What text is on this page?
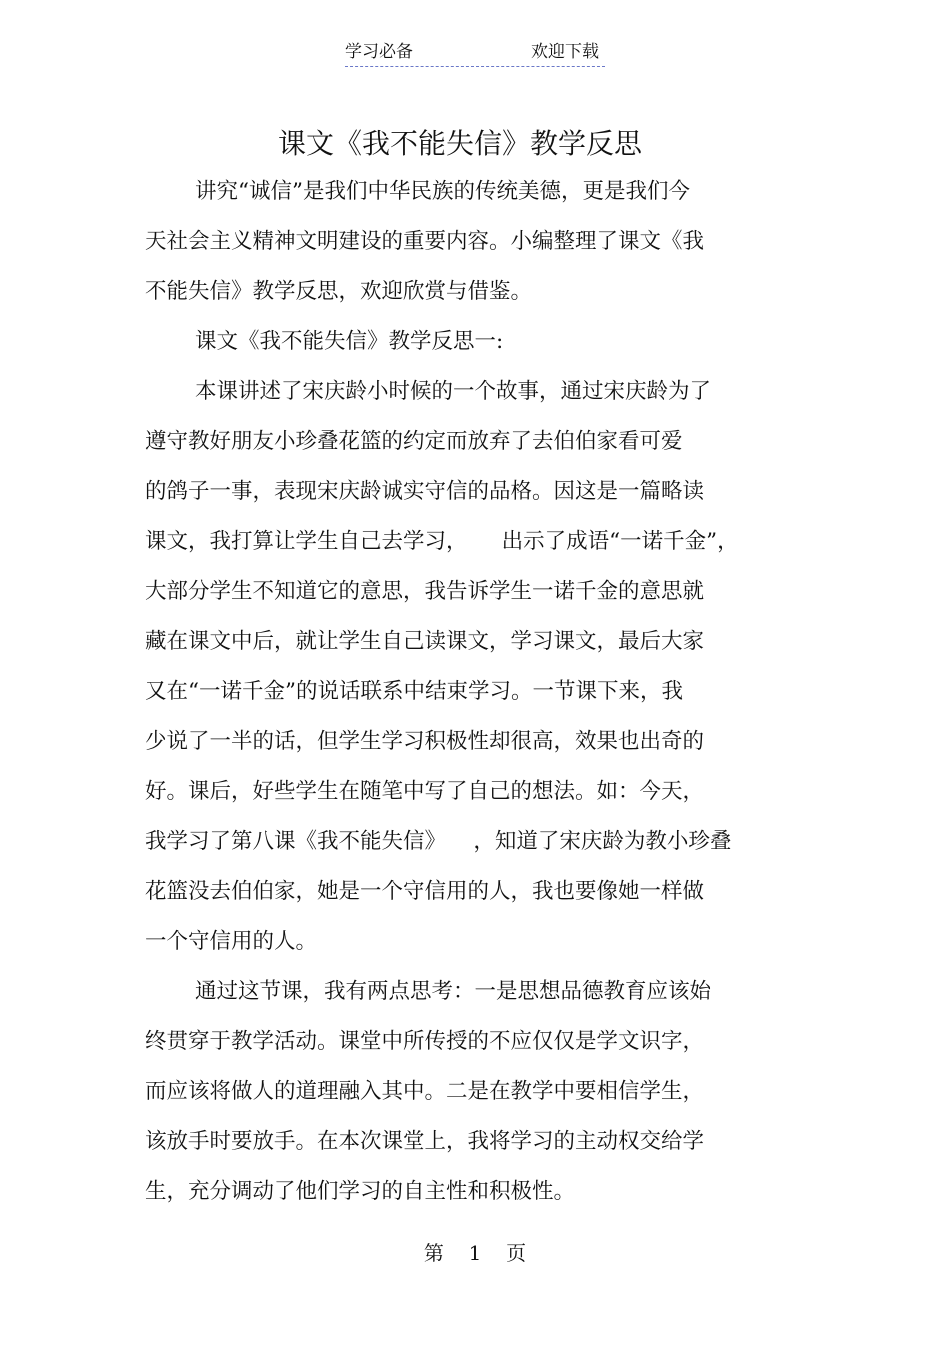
学习必备	欢迎下载
课文《我不能失信》教学反思
讲究“诚信”是我们中华民族的传统美德，更是我们今
天社会主义精神文明建设的重要内容。小编整理了课文《我
不能失信》教学反思，欢迎欣赏与借鉴。
课文《我不能失信》教学反思一:
本课讲述了宋庆龄小时候的一个故事，通过宋庆龄为了
遵守教好朋友小珍叠花篮的约定而放弃了去伯伯家看可爱
的鸽子一事，表现宋庆龄诚实守信的品格。因这是一篇略读
课文，我打算让学生自己去学习，     出示了成语“一诺千金”，
大部分学生不知道它的意思，我告诉学生一诺千金的意思就
藏在课文中后，就让学生自己读课文，学习课文，最后大家
又在“一诺千金”的说话联系中结束学习。一节课下来，我
少说了一半的话，但学生学习积极性却很高，效果也出奇的
好。课后，好些学生在随笔中写了自己的想法。如：今天，
我学习了第八课《我不能失信》    ，知道了宋庆龄为教小珍叠
花篮没去伯伯家，她是一个守信用的人，我也要像她一样做
一个守信用的人。
通过这节课，我有两点思考：一是思想品德教育应该始
终贯穿于教学活动。课堂中所传授的不应仅仅是学文识字，
而应该将做人的道理融入其中。二是在教学中要相信学生，
该放手时要放手。在本次课堂上，我将学习的主动权交给学
生，充分调动了他们学习的自主性和积极性。
第 1 页
